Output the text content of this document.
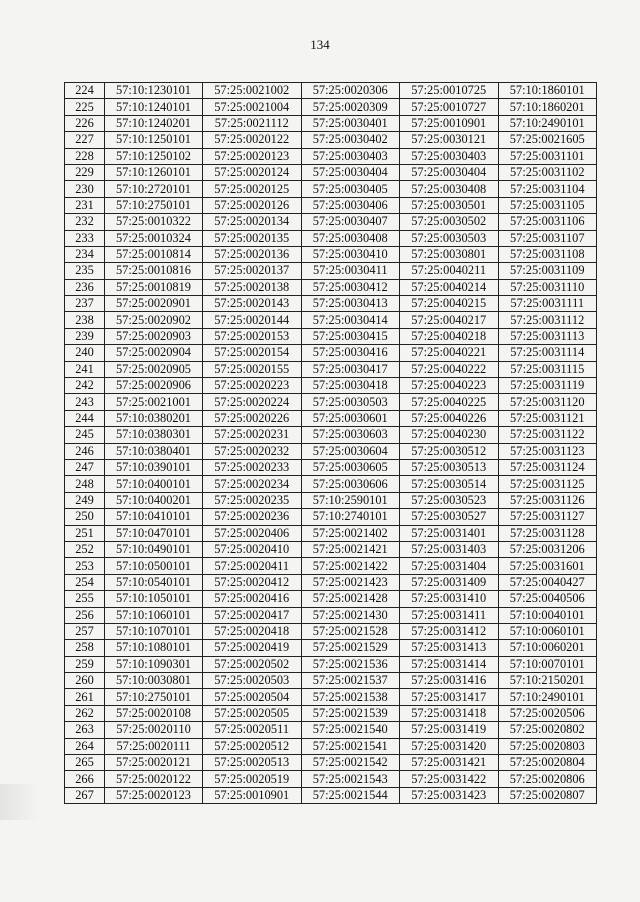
134
224	57:10:1230101	57:25:0021002	57:25:0020306	57:25:0010725	57:10:1860101
225	57:10:1240101	57:25:0021004	57:25:0020309	57:25:0010727	57:10:1860201
226	57:10:1240201	57:25:0021112	57:25:0030401	57:25:0010901	57:10:2490101
227	57:10:1250101	57:25:0020122	57:25:0030402	57:25:0030121	57:25:0021605
228	57:10:1250102	57:25:0020123	57:25:0030403	57:25:0030403	57:25:0031101
229	57:10:1260101	57:25:0020124	57:25:0030404	57:25:0030404	57:25:0031102
230	57:10:2720101	57:25:0020125	57:25:0030405	57:25:0030408	57:25:0031104
231	57:10:2750101	57:25:0020126	57:25:0030406	57:25:0030501	57:25:0031105
232	57:25:0010322	57:25:0020134	57:25:0030407	57:25:0030502	57:25:0031106
233	57:25:0010324	57:25:0020135	57:25:0030408	57:25:0030503	57:25:0031107
234	57:25:0010814	57:25:0020136	57:25:0030410	57:25:0030801	57:25:0031108
235	57:25:0010816	57:25:0020137	57:25:0030411	57:25:0040211	57:25:0031109
236	57:25:0010819	57:25:0020138	57:25:0030412	57:25:0040214	57:25:0031110
237	57:25:0020901	57:25:0020143	57:25:0030413	57:25:0040215	57:25:0031111
238	57:25:0020902	57:25:0020144	57:25:0030414	57:25:0040217	57:25:0031112
239	57:25:0020903	57:25:0020153	57:25:0030415	57:25:0040218	57:25:0031113
240	57:25:0020904	57:25:0020154	57:25:0030416	57:25:0040221	57:25:0031114
241	57:25:0020905	57:25:0020155	57:25:0030417	57:25:0040222	57:25:0031115
242	57:25:0020906	57:25:0020223	57:25:0030418	57:25:0040223	57:25:0031119
243	57:25:0021001	57:25:0020224	57:25:0030503	57:25:0040225	57:25:0031120
244	57:10:0380201	57:25:0020226	57:25:0030601	57:25:0040226	57:25:0031121
245	57:10:0380301	57:25:0020231	57:25:0030603	57:25:0040230	57:25:0031122
246	57:10:0380401	57:25:0020232	57:25:0030604	57:25:0030512	57:25:0031123
247	57:10:0390101	57:25:0020233	57:25:0030605	57:25:0030513	57:25:0031124
248	57:10:0400101	57:25:0020234	57:25:0030606	57:25:0030514	57:25:0031125
249	57:10:0400201	57:25:0020235	57:10:2590101	57:25:0030523	57:25:0031126
250	57:10:0410101	57:25:0020236	57:10:2740101	57:25:0030527	57:25:0031127
251	57:10:0470101	57:25:0020406	57:25:0021402	57:25:0031401	57:25:0031128
252	57:10:0490101	57:25:0020410	57:25:0021421	57:25:0031403	57:25:0031206
253	57:10:0500101	57:25:0020411	57:25:0021422	57:25:0031404	57:25:0031601
254	57:10:0540101	57:25:0020412	57:25:0021423	57:25:0031409	57:25:0040427
255	57:10:1050101	57:25:0020416	57:25:0021428	57:25:0031410	57:25:0040506
256	57:10:1060101	57:25:0020417	57:25:0021430	57:25:0031411	57:10:0040101
257	57:10:1070101	57:25:0020418	57:25:0021528	57:25:0031412	57:10:0060101
258	57:10:1080101	57:25:0020419	57:25:0021529	57:25:0031413	57:10:0060201
259	57:10:1090301	57:25:0020502	57:25:0021536	57:25:0031414	57:10:0070101
260	57:10:0030801	57:25:0020503	57:25:0021537	57:25:0031416	57:10:2150201
261	57:10:2750101	57:25:0020504	57:25:0021538	57:25:0031417	57:10:2490101
262	57:25:0020108	57:25:0020505	57:25:0021539	57:25:0031418	57:25:0020506
263	57:25:0020110	57:25:0020511	57:25:0021540	57:25:0031419	57:25:0020802
264	57:25:0020111	57:25:0020512	57:25:0021541	57:25:0031420	57:25:0020803
265	57:25:0020121	57:25:0020513	57:25:0021542	57:25:0031421	57:25:0020804
266	57:25:0020122	57:25:0020519	57:25:0021543	57:25:0031422	57:25:0020806
267	57:25:0020123	57:25:0010901	57:25:0021544	57:25:0031423	57:25:0020807
